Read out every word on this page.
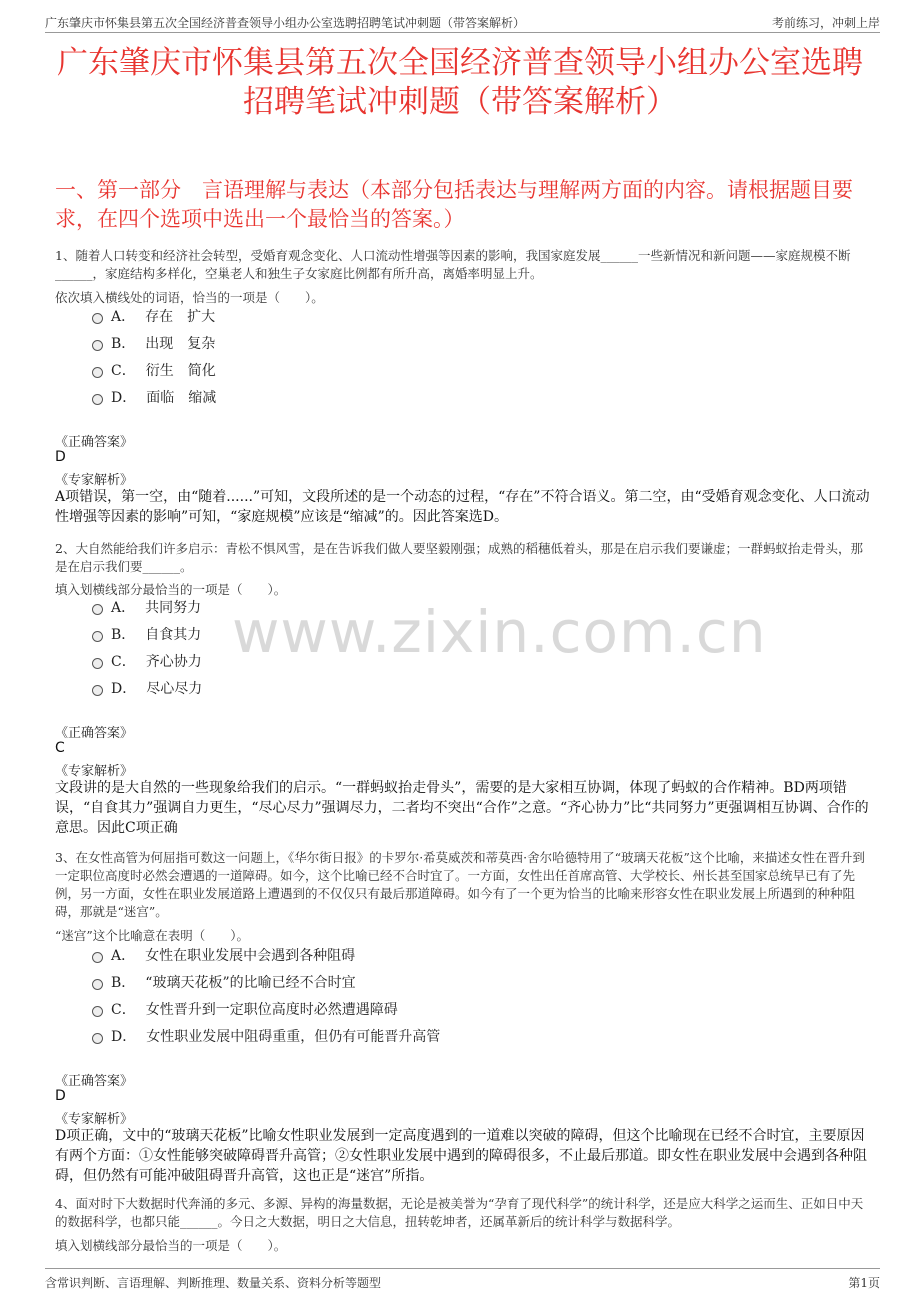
广东肇庆市怀集县第五次全国经济普查领导小组办公室选聘招聘笔试冲刺题（带答案解析）	考前练习，冲刺上岸
广东肇庆市怀集县第五次全国经济普查领导小组办公室选聘招聘笔试冲刺题（带答案解析）
一、第一部分　言语理解与表达（本部分包括表达与理解两方面的内容。请根据题目要求，在四个选项中选出一个最恰当的答案。）
www.zixin.com.cn
1、随着人口转变和经济社会转型，受婚育观念变化、人口流动性增强等因素的影响，我国家庭发展______一些新情况和新问题——家庭规模不断______，家庭结构多样化，空巢老人和独生子女家庭比例都有所升高，离婚率明显上升。
依次填入横线处的词语，恰当的一项是（　　）。
A． 存在　扩大
B． 出现　复杂
C． 衍生　简化
D． 面临　缩减
《正确答案》
D
《专家解析》
A项错误，第一空，由“随着......”可知，文段所述的是一个动态的过程，“存在”不符合语义。第二空，由“受婚育观念变化、人口流动性增强等因素的影响”可知，“家庭规模”应该是“缩减”的。因此答案选D。
2、大自然能给我们许多启示：青松不惧风雪，是在告诉我们做人要坚毅刚强；成熟的稻穗低着头，那是在启示我们要谦虚；一群蚂蚁抬走骨头，那是在启示我们要______。
填入划横线部分最恰当的一项是（　　）。
A． 共同努力
B． 自食其力
C． 齐心协力
D． 尽心尽力
《正确答案》
C
《专家解析》
文段讲的是大自然的一些现象给我们的启示。“一群蚂蚁抬走骨头”，需要的是大家相互协调，体现了蚂蚁的合作精神。BD两项错误，“自食其力”强调自力更生，“尽心尽力”强调尽力，二者均不突出“合作”之意。“齐心协力”比“共同努力”更强调相互协调、合作的意思。因此C项正确
3、在女性高管为何屈指可数这一问题上，《华尔街日报》的卡罗尔·希莫威茨和蒂莫西·舍尔哈德特用了“玻璃天花板”这个比喻，来描述女性在晋升到一定职位高度时必然会遭遇的一道障碍。如今，这个比喻已经不合时宜了。一方面，女性出任首席高管、大学校长、州长甚至国家总统早已有了先例，另一方面，女性在职业发展道路上遭遇到的不仅仅只有最后那道障碍。如今有了一个更为恰当的比喻来形容女性在职业发展上所遇到的种种阻碍，那就是“迷宫”。
“迷宫”这个比喻意在表明（　　）。
A． 女性在职业发展中会遇到各种阻碍
B． “玻璃天花板”的比喻已经不合时宜
C． 女性晋升到一定职位高度时必然遭遇障碍
D． 女性职业发展中阻碍重重，但仍有可能晋升高管
《正确答案》
D
《专家解析》
D项正确，文中的“玻璃天花板”比喻女性职业发展到一定高度遇到的一道难以突破的障碍，但这个比喻现在已经不合时宜，主要原因有两个方面：①女性能够突破障碍晋升高管；②女性职业发展中遇到的障碍很多，不止最后那道。即女性在职业发展中会遇到各种阻碍，但仍然有可能冲破阻碍晋升高管，这也正是“迷宫”所指。
4、面对时下大数据时代奔涌的多元、多源、异构的海量数据，无论是被美誉为“孕育了现代科学”的统计科学，还是应大科学之运而生、正如日中天的数据科学，也都只能______。今日之大数据，明日之大信息，扭转乾坤者，还属革新后的统计科学与数据科学。
填入划横线部分最恰当的一项是（　　）。
含常识判断、言语理解、判断推理、数量关系、资料分析等题型	第1页
